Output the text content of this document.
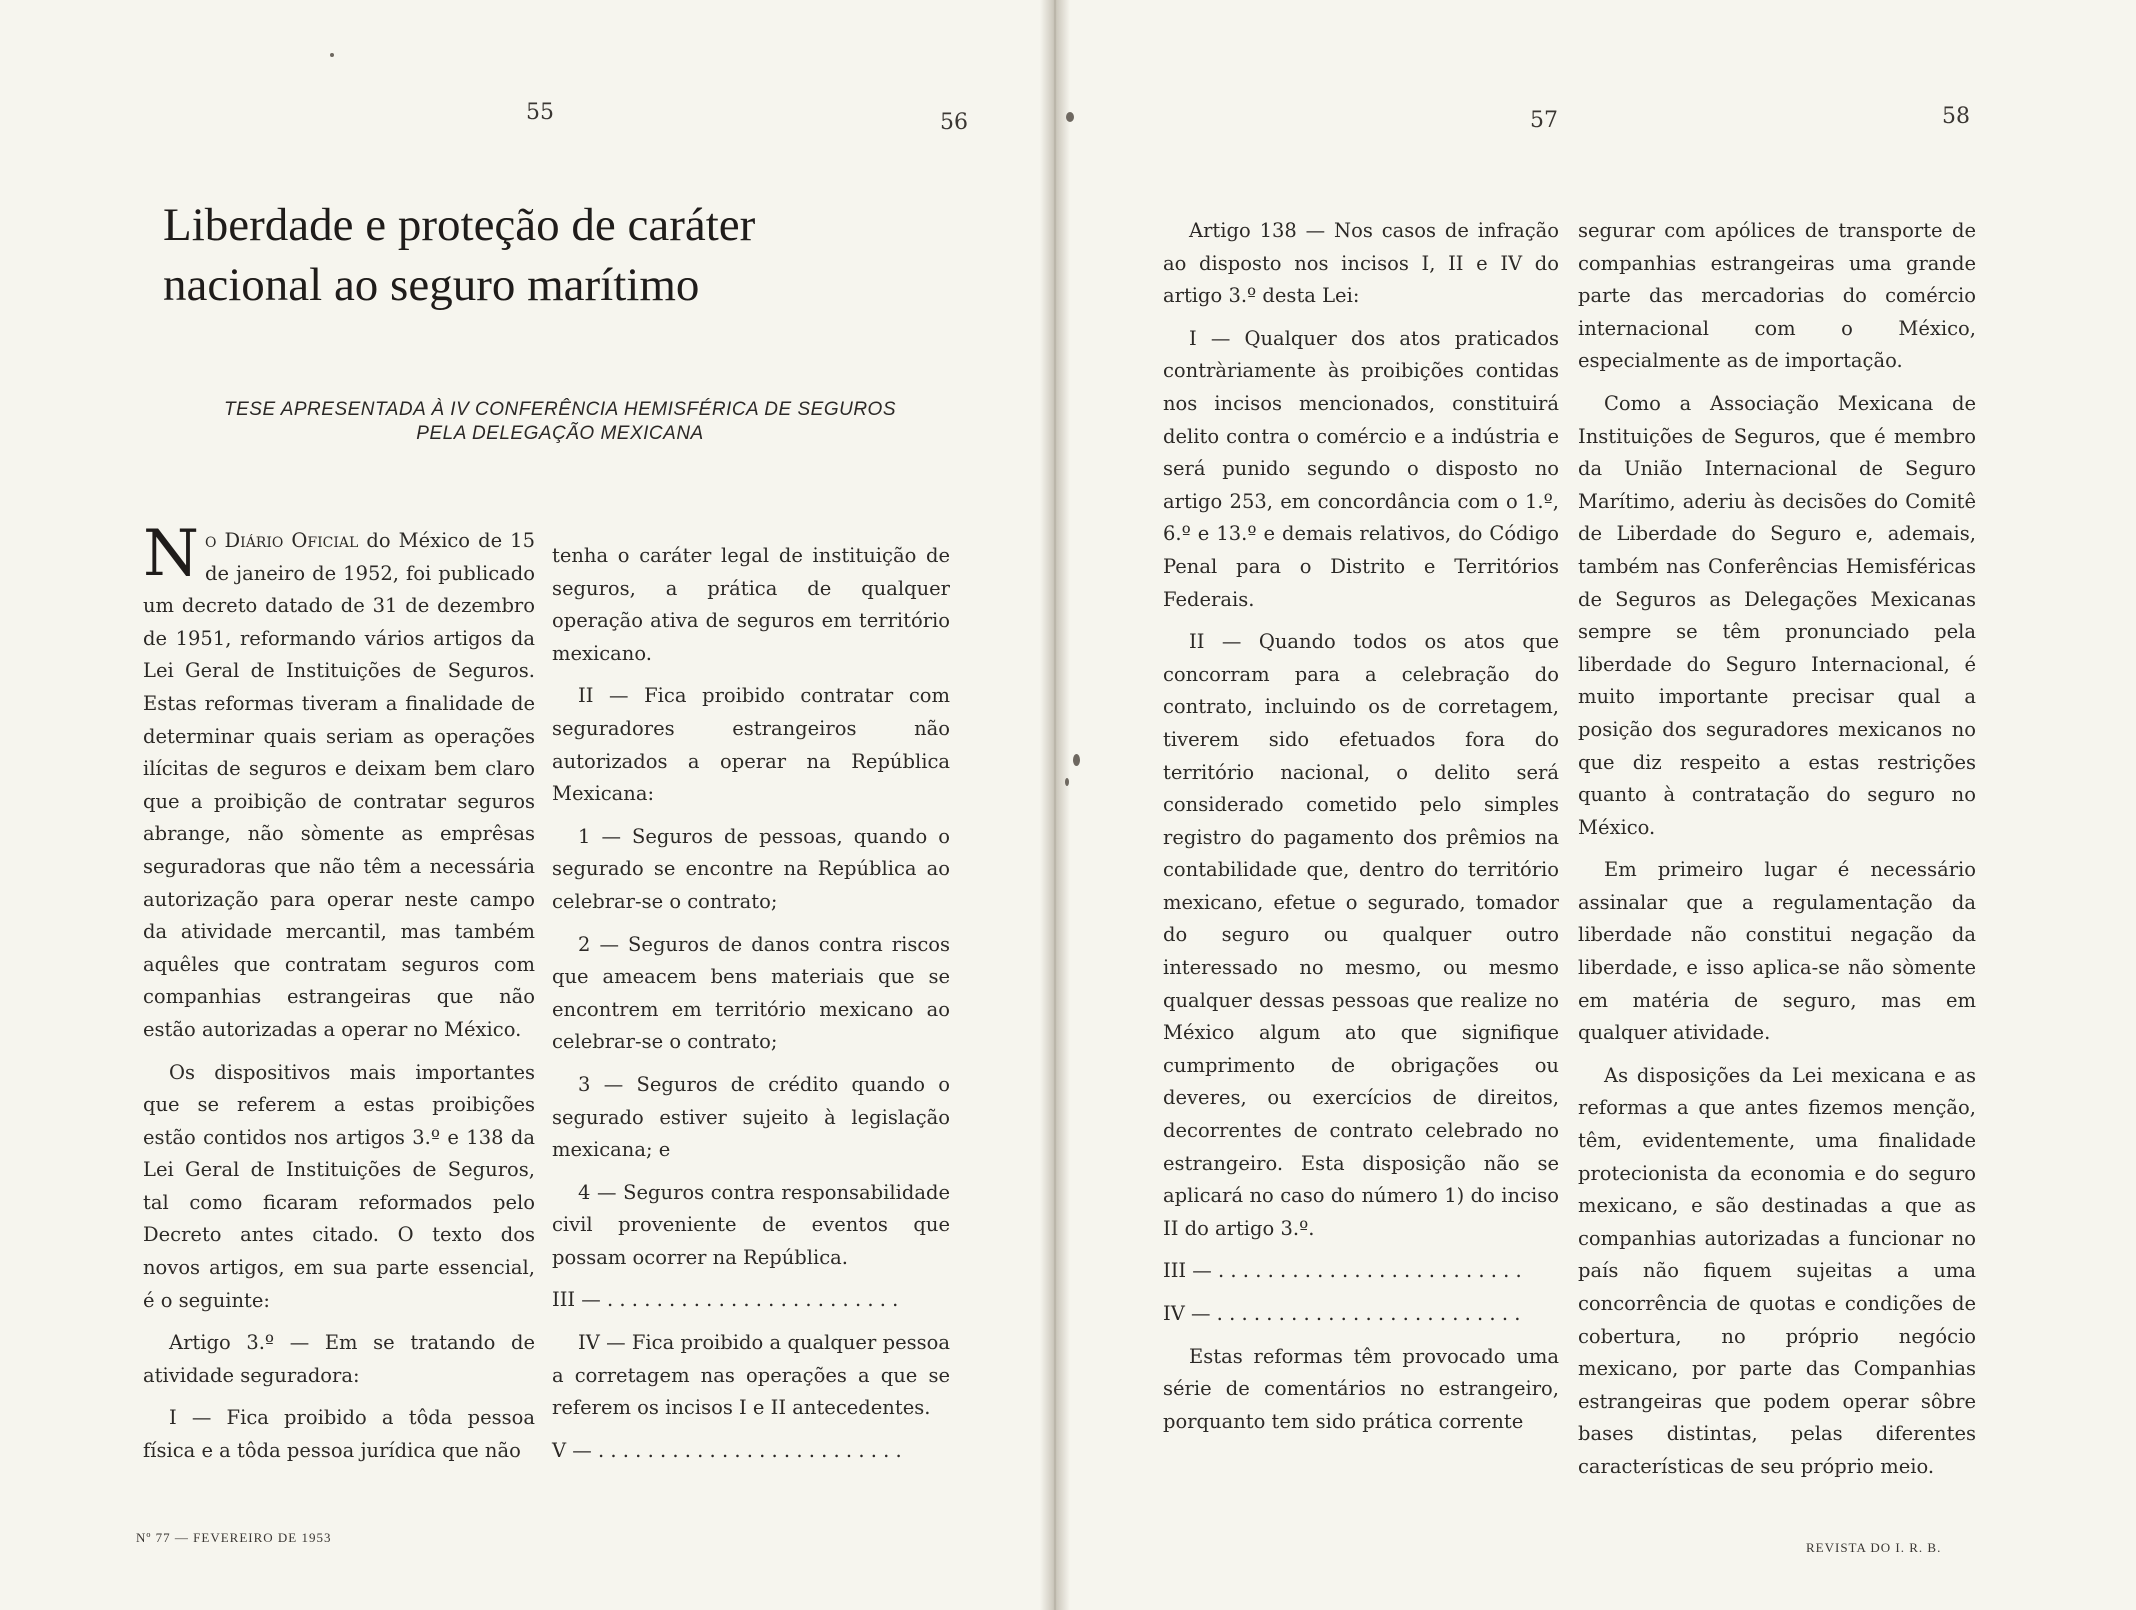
55	56	57	58
Liberdade e proteção de caráter nacional ao seguro marítimo
TESE APRESENTADA À IV CONFERÊNCIA HEMISFÉRICA DE SEGUROS
PELA DELEGAÇÃO MEXICANA

No Diário Oficial do México de 15 de janeiro de 1952, foi publicado um decreto datado de 31 de dezembro de 1951, reformando vários artigos da Lei Geral de Instituições de Seguros. Estas reformas tiveram a finalidade de determinar quais seriam as operações ilícitas de seguros e deixam bem claro que a proibição de contratar seguros abrange, não sòmente as emprêsas seguradoras que não têm a necessária autorização para operar neste campo da atividade mercantil, mas também aquêles que contratam seguros com companhias estrangeiras que não estão autorizadas a operar no México.

Os dispositivos mais importantes que se referem a estas proibições estão contidos nos artigos 3.º e 138 da Lei Geral de Instituições de Seguros, tal como ficaram reformados pelo Decreto antes citado. O texto dos novos artigos, em sua parte essencial, é o seguinte:

Artigo 3.º — Em se tratando de atividade seguradora:

I — Fica proibido a tôda pessoa física e a tôda pessoa jurídica que não

tenha o caráter legal de instituição de seguros, a prática de qualquer operação ativa de seguros em território mexicano.

II — Fica proibido contratar com seguradores estrangeiros não autorizados a operar na República Mexicana:

1 — Seguros de pessoas, quando o segurado se encontre na República ao celebrar-se o contrato;

2 — Seguros de danos contra riscos que ameacem bens materiais que se encontrem em território mexicano ao celebrar-se o contrato;

3 — Seguros de crédito quando o segurado estiver sujeito à legislação mexicana; e

4 — Seguros contra responsabilidade civil proveniente de eventos que possam ocorrer na República.

III — . . . . . . . . . . . . . . . . . . . . . . . .

IV — Fica proibido a qualquer pessoa a corretagem nas operações a que se referem os incisos I e II antecedentes.

V — . . . . . . . . . . . . . . . . . . . . . . . . .

Artigo 138 — Nos casos de infração ao disposto nos incisos I, II e IV do artigo 3.º desta Lei:

I — Qualquer dos atos praticados contràriamente às proibições contidas nos incisos mencionados, constituirá delito contra o comércio e a indústria e será punido segundo o disposto no artigo 253, em concordância com o 1.º, 6.º e 13.º e demais relativos, do Código Penal para o Distrito e Territórios Federais.

II — Quando todos os atos que concorram para a celebração do contrato, incluindo os de corretagem, tiverem sido efetuados fora do território nacional, o delito será considerado cometido pelo simples registro do pagamento dos prêmios na contabilidade que, dentro do território mexicano, efetue o segurado, tomador do seguro ou qualquer outro interessado no mesmo, ou mesmo qualquer dessas pessoas que realize no México algum ato que signifique cumprimento de obrigações ou deveres, ou exercícios de direitos, decorrentes de contrato celebrado no estrangeiro. Esta disposição não se aplicará no caso do número 1) do inciso II do artigo 3.º.

III — . . . . . . . . . . . . . . . . . . . . . . . . .

IV — . . . . . . . . . . . . . . . . . . . . . . . . .

Estas reformas têm provocado uma série de comentários no estrangeiro, porquanto tem sido prática corrente

segurar com apólices de transporte de companhias estrangeiras uma grande parte das mercadorias do comércio internacional com o México, especialmente as de importação.

Como a Associação Mexicana de Instituições de Seguros, que é membro da União Internacional de Seguro Marítimo, aderiu às decisões do Comitê de Liberdade do Seguro e, ademais, também nas Conferências Hemisféricas de Seguros as Delegações Mexicanas sempre se têm pronunciado pela liberdade do Seguro Internacional, é muito importante precisar qual a posição dos seguradores mexicanos no que diz respeito a estas restrições quanto à contratação do seguro no México.

Em primeiro lugar é necessário assinalar que a regulamentação da liberdade não constitui negação da liberdade, e isso aplica-se não sòmente em matéria de seguro, mas em qualquer atividade.

As disposições da Lei mexicana e as reformas a que antes fizemos menção, têm, evidentemente, uma finalidade protecionista da economia e do seguro mexicano, e são destinadas a que as companhias autorizadas a funcionar no país não fiquem sujeitas a uma concorrência de quotas e condições de cobertura, no próprio negócio mexicano, por parte das Companhias estrangeiras que podem operar sôbre bases distintas, pelas diferentes características de seu próprio meio.

Nº 77 — FEVEREIRO DE 1953
REVISTA DO I. R. B.
